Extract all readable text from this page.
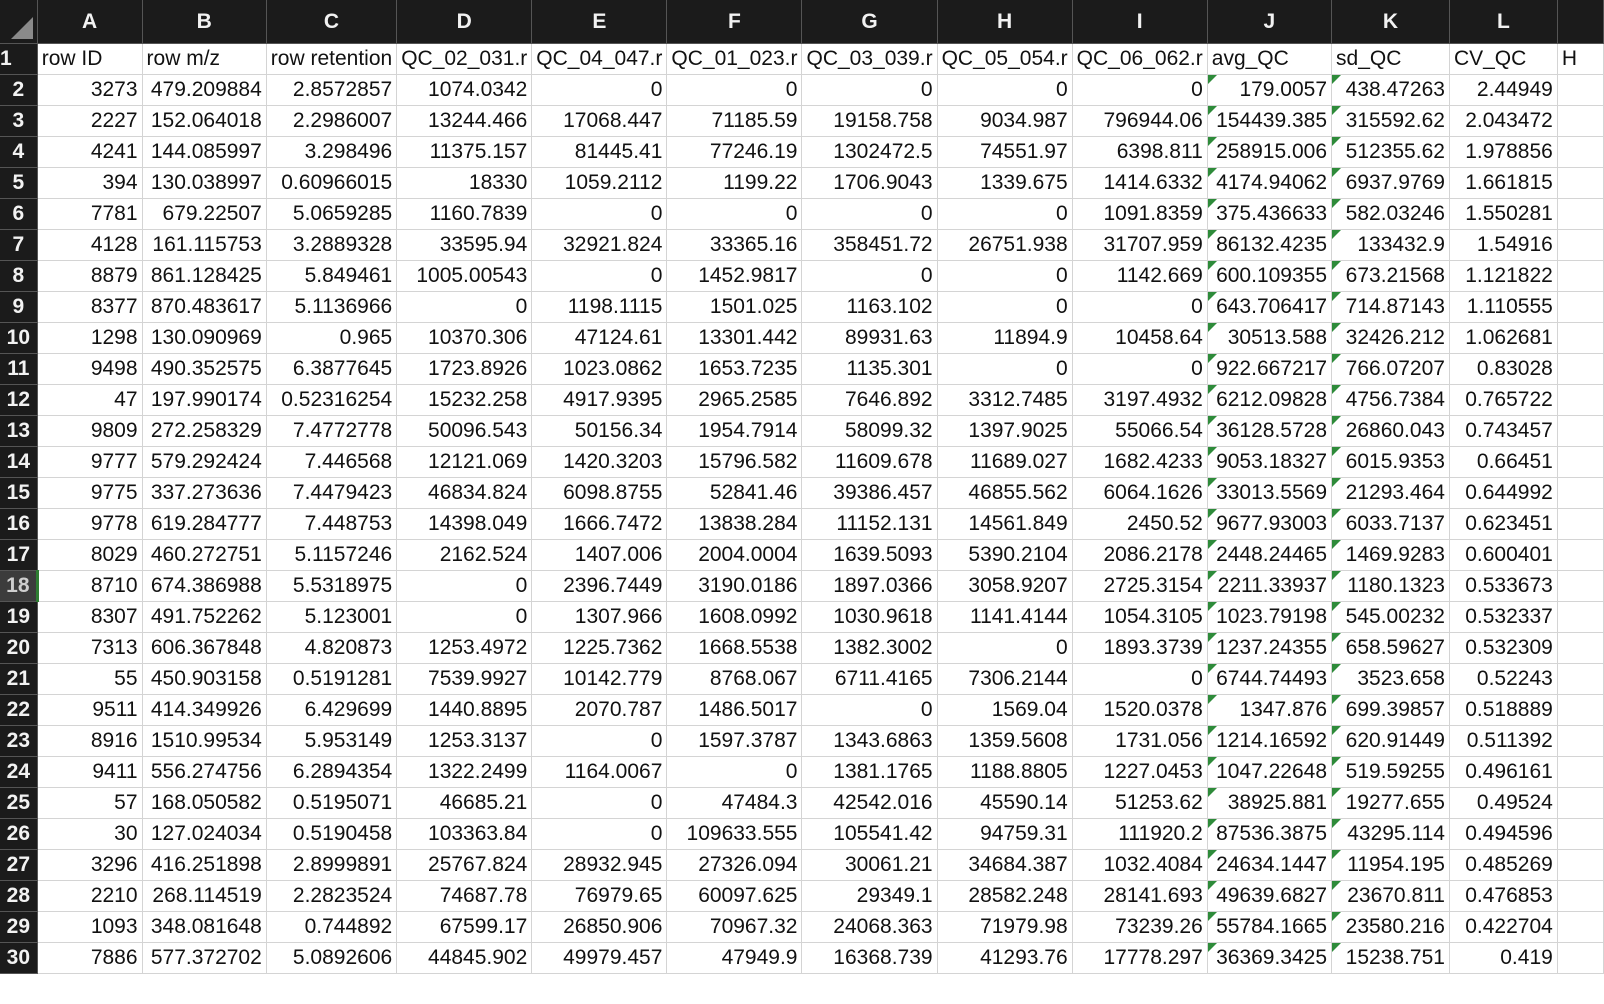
	A	B	C	D	E	F	G	H	I	J	K	L	
1	row ID	row m/z	row retention	QC_02_031.r	QC_04_047.r	QC_01_023.r	QC_03_039.r	QC_05_054.r	QC_06_062.r	avg_QC	sd_QC	CV_QC	H
2	3273	479.209884	2.8572857	1074.0342	0	0	0	0	0	179.0057	438.47263	2.44949	
3	2227	152.064018	2.2986007	13244.466	17068.447	71185.59	19158.758	9034.987	796944.06	154439.385	315592.62	2.043472	
4	4241	144.085997	3.298496	11375.157	81445.41	77246.19	1302472.5	74551.97	6398.811	258915.006	512355.62	1.978856	
5	394	130.038997	0.60966015	18330	1059.2112	1199.22	1706.9043	1339.675	1414.6332	4174.94062	6937.9769	1.661815	
6	7781	679.22507	5.0659285	1160.7839	0	0	0	0	1091.8359	375.436633	582.03246	1.550281	
7	4128	161.115753	3.2889328	33595.94	32921.824	33365.16	358451.72	26751.938	31707.959	86132.4235	133432.9	1.54916	
8	8879	861.128425	5.849461	1005.00543	0	1452.9817	0	0	1142.669	600.109355	673.21568	1.121822	
9	8377	870.483617	5.1136966	0	1198.1115	1501.025	1163.102	0	0	643.706417	714.87143	1.110555	
10	1298	130.090969	0.965	10370.306	47124.61	13301.442	89931.63	11894.9	10458.64	30513.588	32426.212	1.062681	
11	9498	490.352575	6.3877645	1723.8926	1023.0862	1653.7235	1135.301	0	0	922.667217	766.07207	0.83028	
12	47	197.990174	0.52316254	15232.258	4917.9395	2965.2585	7646.892	3312.7485	3197.4932	6212.09828	4756.7384	0.765722	
13	9809	272.258329	7.4772778	50096.543	50156.34	1954.7914	58099.32	1397.9025	55066.54	36128.5728	26860.043	0.743457	
14	9777	579.292424	7.446568	12121.069	1420.3203	15796.582	11609.678	11689.027	1682.4233	9053.18327	6015.9353	0.66451	
15	9775	337.273636	7.4479423	46834.824	6098.8755	52841.46	39386.457	46855.562	6064.1626	33013.5569	21293.464	0.644992	
16	9778	619.284777	7.448753	14398.049	1666.7472	13838.284	11152.131	14561.849	2450.52	9677.93003	6033.7137	0.623451	
17	8029	460.272751	5.1157246	2162.524	1407.006	2004.0004	1639.5093	5390.2104	2086.2178	2448.24465	1469.9283	0.600401	
18	8710	674.386988	5.5318975	0	2396.7449	3190.0186	1897.0366	3058.9207	2725.3154	2211.33937	1180.1323	0.533673	
19	8307	491.752262	5.123001	0	1307.966	1608.0992	1030.9618	1141.4144	1054.3105	1023.79198	545.00232	0.532337	
20	7313	606.367848	4.820873	1253.4972	1225.7362	1668.5538	1382.3002	0	1893.3739	1237.24355	658.59627	0.532309	
21	55	450.903158	0.5191281	7539.9927	10142.779	8768.067	6711.4165	7306.2144	0	6744.74493	3523.658	0.52243	
22	9511	414.349926	6.429699	1440.8895	2070.787	1486.5017	0	1569.04	1520.0378	1347.876	699.39857	0.518889	
23	8916	1510.99534	5.953149	1253.3137	0	1597.3787	1343.6863	1359.5608	1731.056	1214.16592	620.91449	0.511392	
24	9411	556.274756	6.2894354	1322.2499	1164.0067	0	1381.1765	1188.8805	1227.0453	1047.22648	519.59255	0.496161	
25	57	168.050582	0.5195071	46685.21	0	47484.3	42542.016	45590.14	51253.62	38925.881	19277.655	0.49524	
26	30	127.024034	0.5190458	103363.84	0	109633.555	105541.42	94759.31	111920.2	87536.3875	43295.114	0.494596	
27	3296	416.251898	2.8999891	25767.824	28932.945	27326.094	30061.21	34684.387	1032.4084	24634.1447	11954.195	0.485269	
28	2210	268.114519	2.2823524	74687.78	76979.65	60097.625	29349.1	28582.248	28141.693	49639.6827	23670.811	0.476853	
29	1093	348.081648	0.744892	67599.17	26850.906	70967.32	24068.363	71979.98	73239.26	55784.1665	23580.216	0.422704	
30	7886	577.372702	5.0892606	44845.902	49979.457	47949.9	16368.739	41293.76	17778.297	36369.3425	15238.751	0.419	
